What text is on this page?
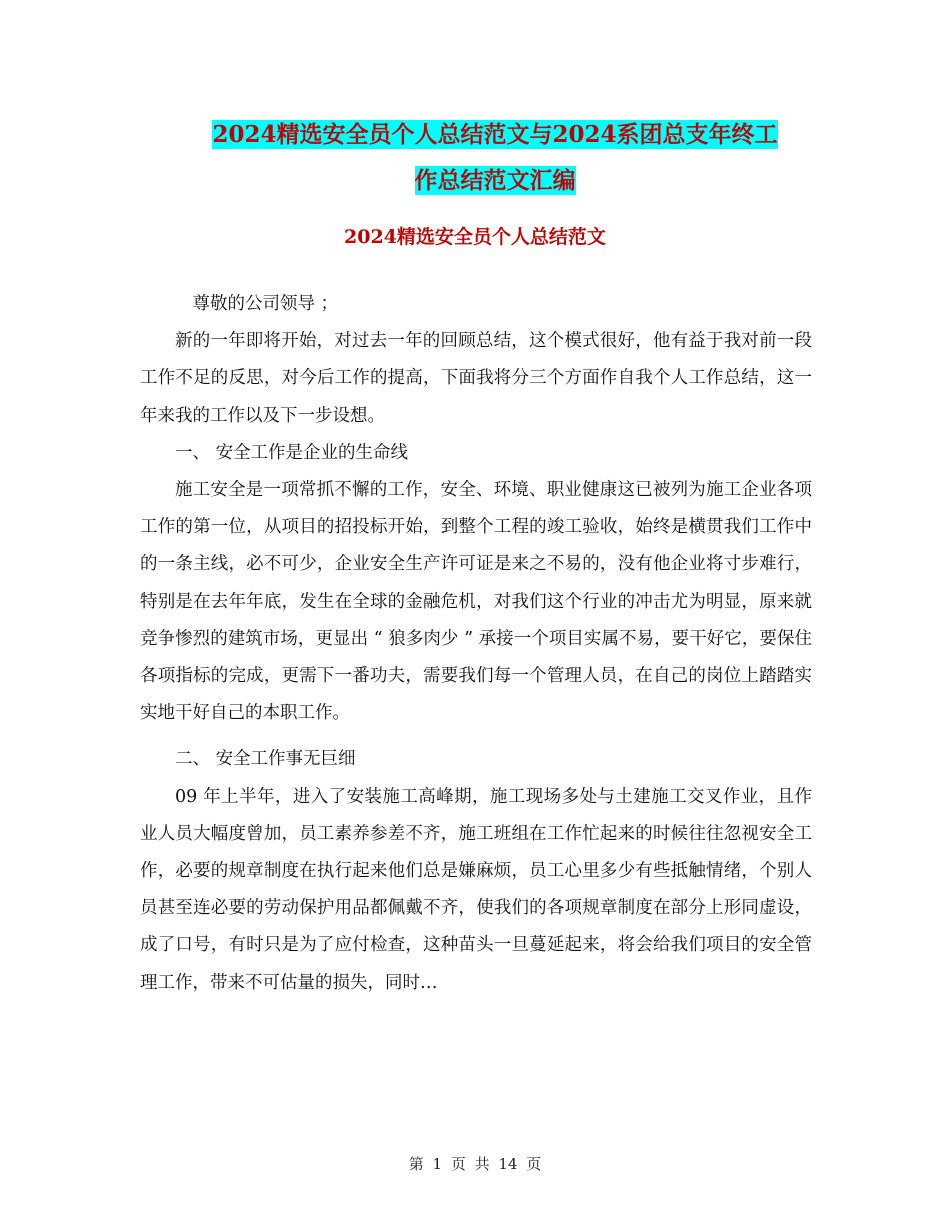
2024精选安全员个人总结范文与2024系团总支年终工
作总结范文汇编
2024精选安全员个人总结范文

尊敬的公司领导 ；

新的一年即将开始，对过去一年的回顾总结，这个模式很好，他有益于我对前一段工作不足的反思，对今后工作的提高，下面我将分三个方面作自我个人工作总结，这一年来我的工作以及下一步设想。

一、 安全工作是企业的生命线

施工安全是一项常抓不懈的工作，安全、环境、职业健康这已被列为施工企业各项工作的第一位，从项目的招投标开始，到整个工程的竣工验收，始终是横贯我们工作中的一条主线，必不可少，企业安全生产许可证是来之不易的，没有他企业将寸步难行，特别是在去年年底，发生在全球的金融危机，对我们这个行业的冲击尤为明显，原来就竞争惨烈的建筑市场，更显出 “ 狼多肉少 ” 承接一个项目实属不易，要干好它，要保住各项指标的完成，更需下一番功夫，需要我们每一个管理人员，在自己的岗位上踏踏实实地干好自己的本职工作。

二、 安全工作事无巨细

09 年上半年，进入了安装施工高峰期，施工现场多处与土建施工交叉作业，且作业人员大幅度曾加，员工素养参差不齐，施工班组在工作忙起来的时候往往忽视安全工作，必要的规章制度在执行起来他们总是嫌麻烦，员工心里多少有些抵触情绪，个别人员甚至连必要的劳动保护用品都佩戴不齐，使我们的各项规章制度在部分上形同虚设，成了口号，有时只是为了应付检查，这种苗头一旦蔓延起来，将会给我们项目的安全管理工作，带来不可估量的损失，同时…

第 1 页 共 14 页
